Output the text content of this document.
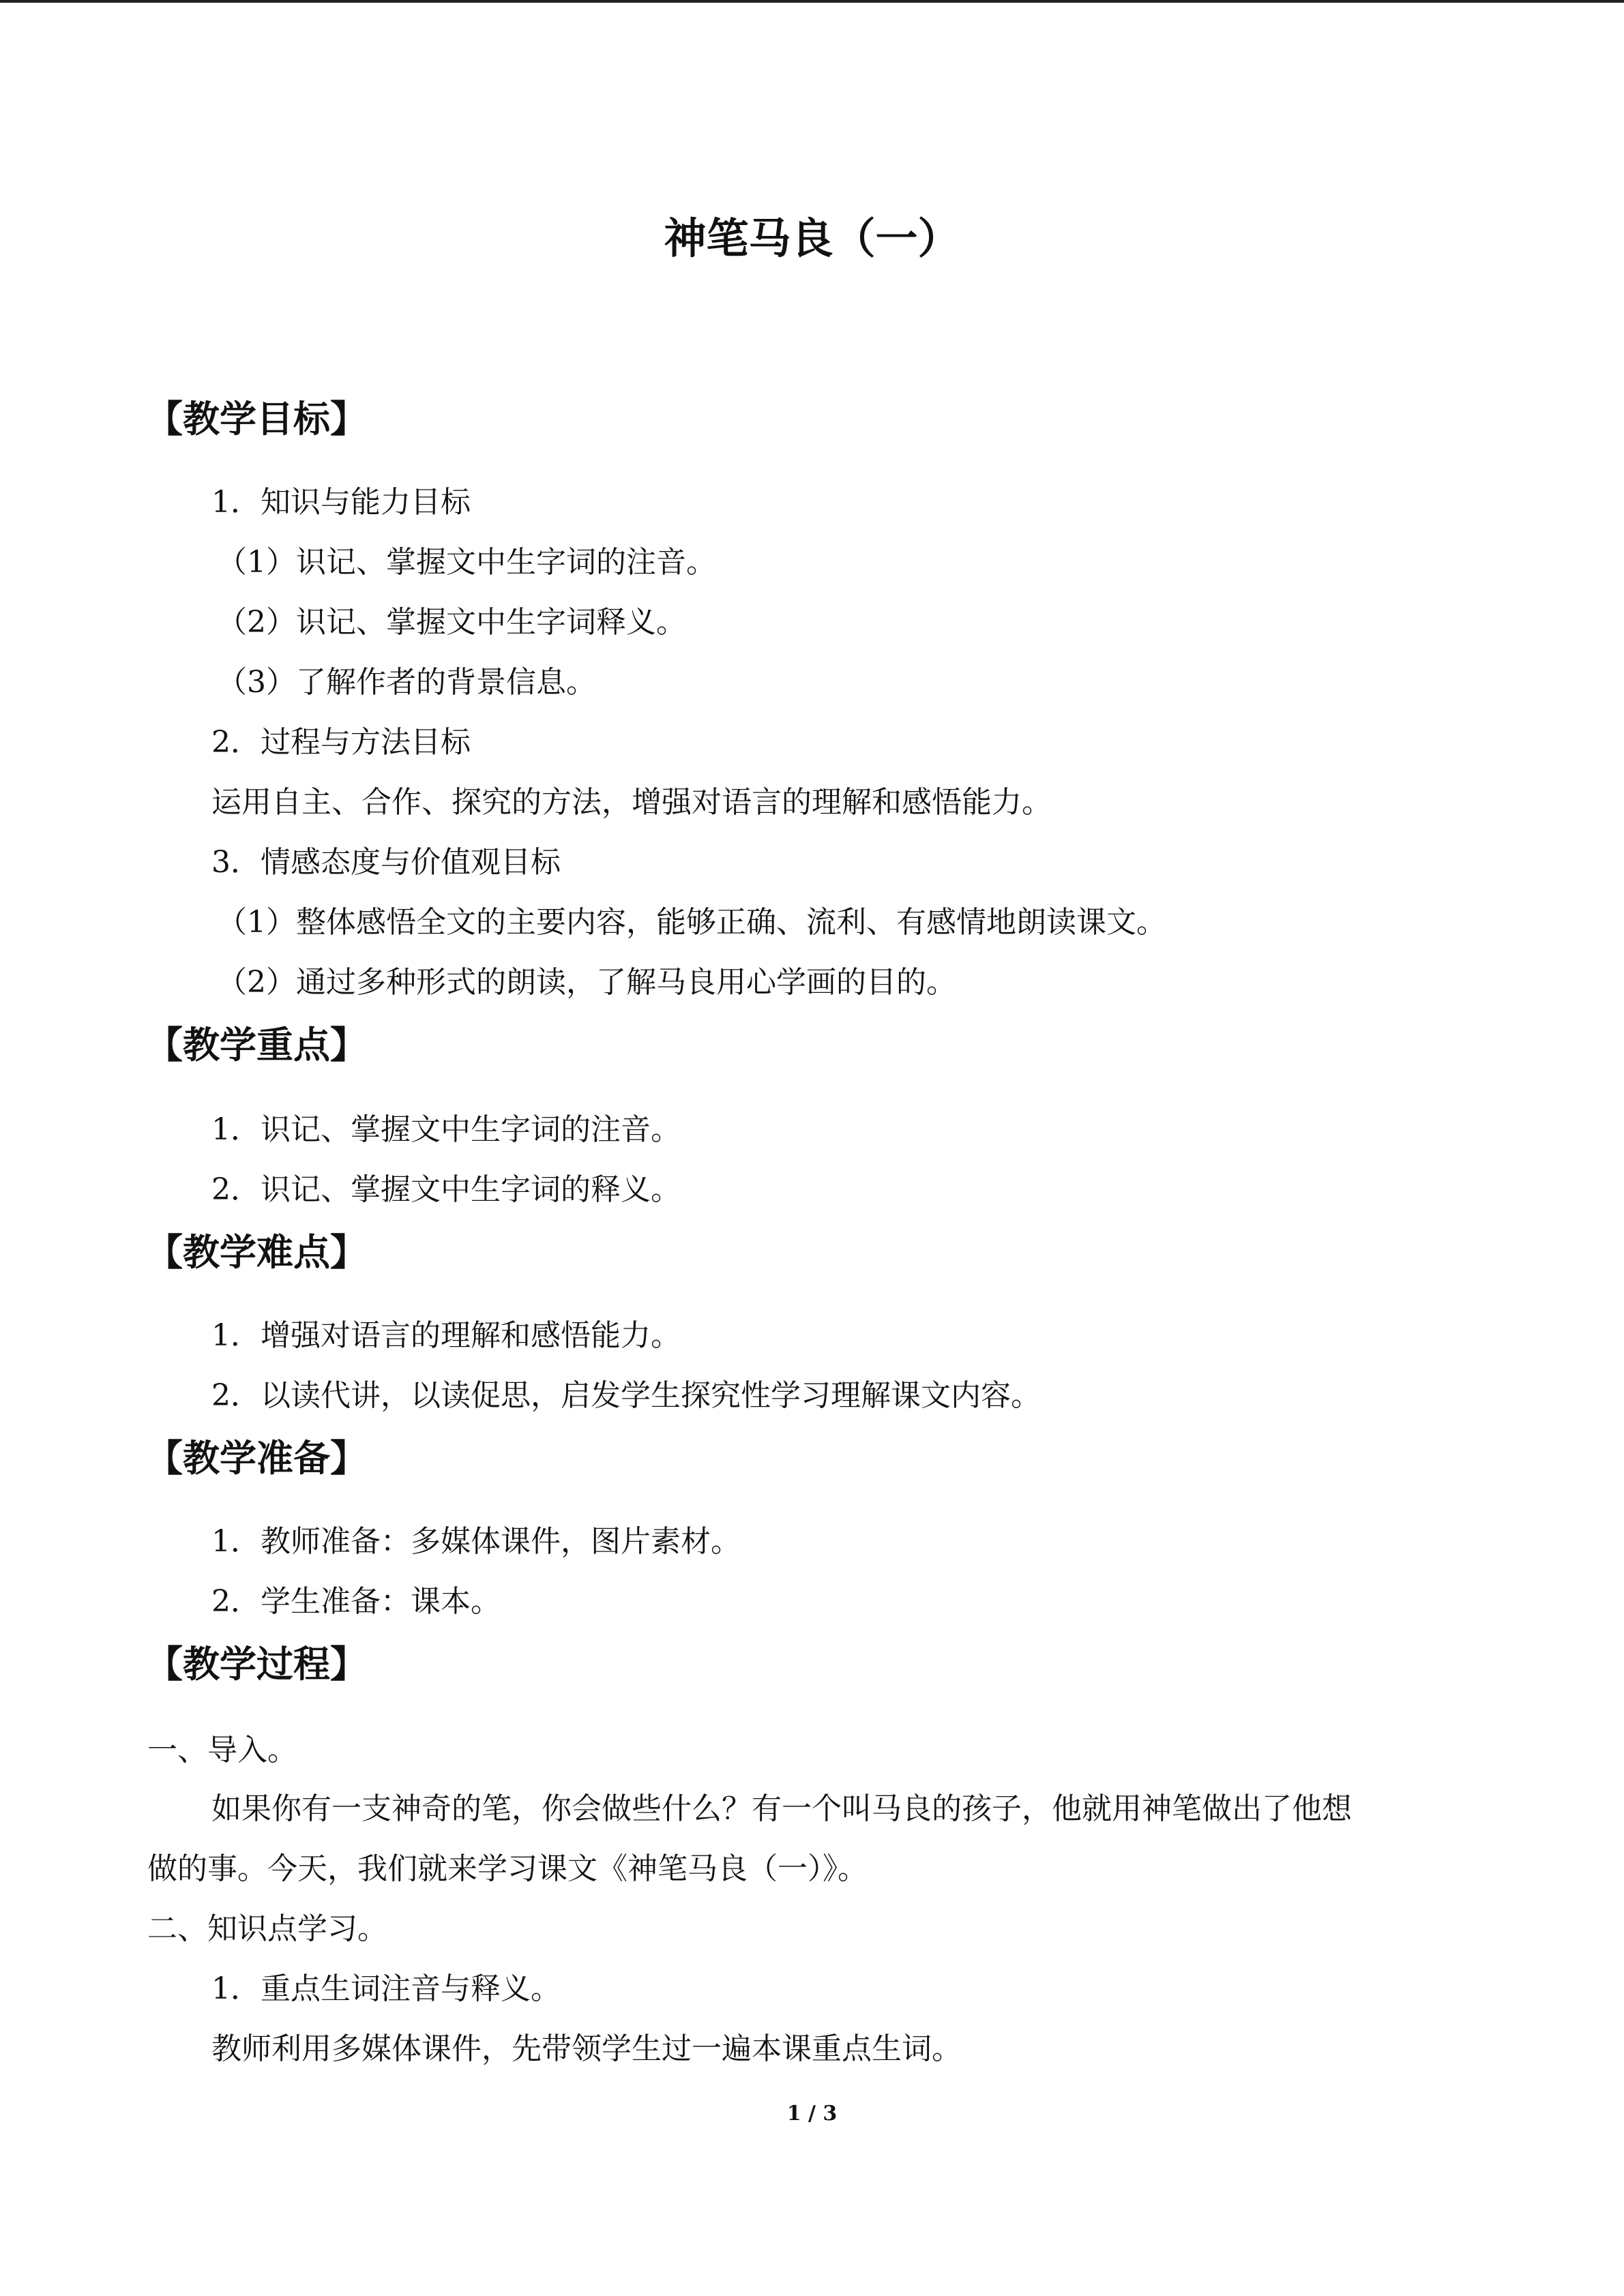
神笔马良（一）
【教学目标】
1．知识与能力目标
（1）识记、掌握文中生字词的注音。
（2）识记、掌握文中生字词释义。
（3）了解作者的背景信息。
2．过程与方法目标
运用自主、合作、探究的方法，增强对语言的理解和感悟能力。
3．情感态度与价值观目标
（1）整体感悟全文的主要内容，能够正确、流利、有感情地朗读课文。
（2）通过多种形式的朗读，了解马良用心学画的目的。
【教学重点】
1．识记、掌握文中生字词的注音。
2．识记、掌握文中生字词的释义。
【教学难点】
1．增强对语言的理解和感悟能力。
2．以读代讲，以读促思，启发学生探究性学习理解课文内容。
【教学准备】
1．教师准备：多媒体课件，图片素材。
2．学生准备：课本。
【教学过程】
一、导入。
如果你有一支神奇的笔，你会做些什么？有一个叫马良的孩子，他就用神笔做出了他想
做的事。今天，我们就来学习课文《神笔马良（一）》。
二、知识点学习。
1．重点生词注音与释义。
教师利用多媒体课件，先带领学生过一遍本课重点生词。
1 / 3
